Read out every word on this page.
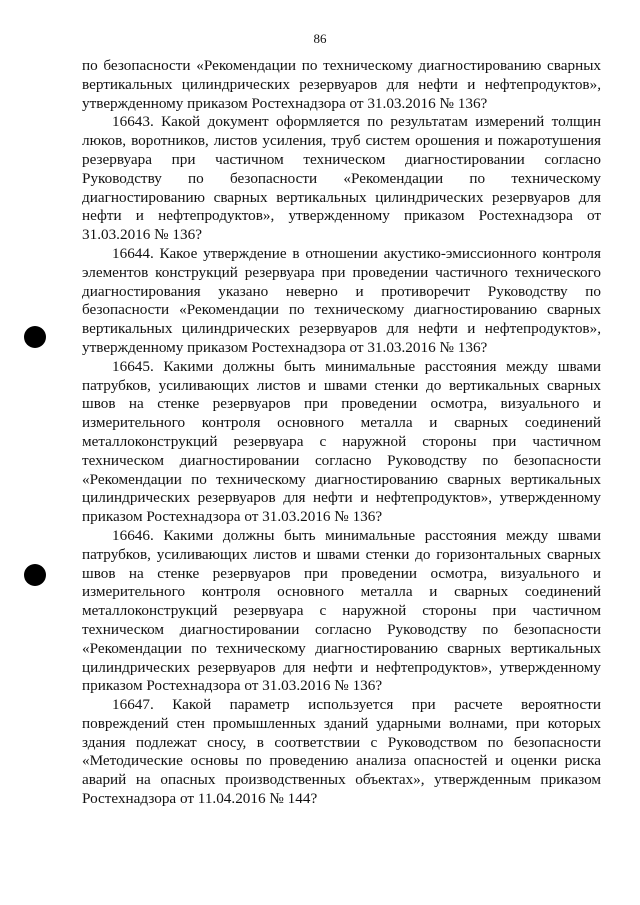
86

по безопасности «Рекомендации по техническому диагностированию сварных вертикальных цилиндрических резервуаров для нефти и нефтепродуктов», утвержденному приказом Ростехнадзора от 31.03.2016 № 136?

16643. Какой документ оформляется по результатам измерений толщин люков, воротников, листов усиления, труб систем орошения и пожаротушения резервуара при частичном техническом диагностировании согласно Руководству по безопасности «Рекомендации по техническому диагностированию сварных вертикальных цилиндрических резервуаров для нефти и нефтепродуктов», утвержденному приказом Ростехнадзора от 31.03.2016 № 136?

16644. Какое утверждение в отношении акустико-эмиссионного контроля элементов конструкций резервуара при проведении частичного технического диагностирования указано неверно и противоречит Руководству по безопасности «Рекомендации по техническому диагностированию сварных вертикальных цилиндрических резервуаров для нефти и нефтепродуктов», утвержденному приказом Ростехнадзора от 31.03.2016 № 136?

16645. Какими должны быть минимальные расстояния между швами патрубков, усиливающих листов и швами стенки до вертикальных сварных швов на стенке резервуаров при проведении осмотра, визуального и измерительного контроля основного металла и сварных соединений металлоконструкций резервуара с наружной стороны при частичном техническом диагностировании согласно Руководству по безопасности «Рекомендации по техническому диагностированию сварных вертикальных цилиндрических резервуаров для нефти и нефтепродуктов», утвержденному приказом Ростехнадзора от 31.03.2016 № 136?

16646. Какими должны быть минимальные расстояния между швами патрубков, усиливающих листов и швами стенки до горизонтальных сварных швов на стенке резервуаров при проведении осмотра, визуального и измерительного контроля основного металла и сварных соединений металлоконструкций резервуара с наружной стороны при частичном техническом диагностировании согласно Руководству по безопасности «Рекомендации по техническому диагностированию сварных вертикальных цилиндрических резервуаров для нефти и нефтепродуктов», утвержденному приказом Ростехнадзора от 31.03.2016 № 136?

16647. Какой параметр используется при расчете вероятности повреждений стен промышленных зданий ударными волнами, при которых здания подлежат сносу, в соответствии с Руководством по безопасности «Методические основы по проведению анализа опасностей и оценки риска аварий на опасных производственных объектах», утвержденным приказом Ростехнадзора от 11.04.2016 № 144?
